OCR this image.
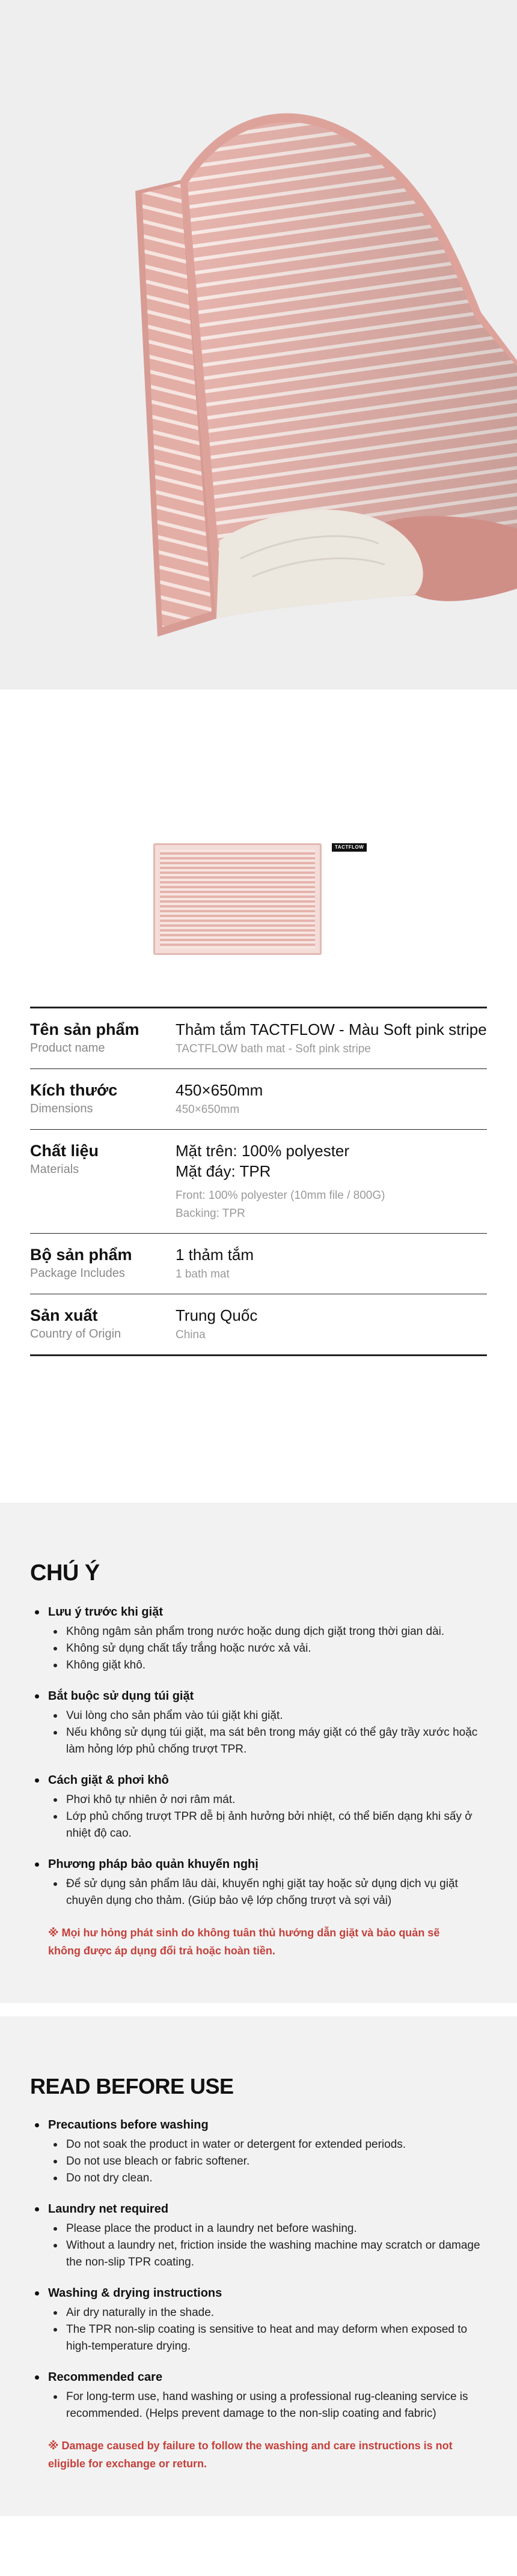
TACTFLOW
Tên sản phẩm
Product name
Thảm tắm TACTFLOW - Màu Soft pink stripe
TACTFLOW bath mat - Soft pink stripe
Kích thước
Dimensions
450×650mm
450×650mm
Chất liệu
Materials
Mặt trên: 100% polyester
Mặt đáy: TPR
Front: 100% polyester (10mm file / 800G)
Backing: TPR
Bộ sản phẩm
Package Includes
1 thảm tắm
1 bath mat
Sản xuất
Country of Origin
Trung Quốc
China
CHÚ Ý
Lưu ý trước khi giặt
Không ngâm sản phẩm trong nước hoặc dung dịch giặt trong thời gian dài.
Không sử dụng chất tẩy trắng hoặc nước xả vải.
Không giặt khô.
Bắt buộc sử dụng túi giặt
Vui lòng cho sản phẩm vào túi giặt khi giặt.
Nếu không sử dụng túi giặt, ma sát bên trong máy giặt có thể gây trầy xước hoặc làm hỏng lớp phủ chống trượt TPR.
Cách giặt & phơi khô
Phơi khô tự nhiên ở nơi râm mát.
Lớp phủ chống trượt TPR dễ bị ảnh hưởng bởi nhiệt, có thể biến dạng khi sấy ở nhiệt độ cao.
Phương pháp bảo quản khuyến nghị
Để sử dụng sản phẩm lâu dài, khuyến nghị giặt tay hoặc sử dụng dịch vụ giặt chuyên dụng cho thảm. (Giúp bảo vệ lớp chống trượt và sợi vải)
※ Mọi hư hỏng phát sinh do không tuân thủ hướng dẫn giặt và bảo quản sẽ không được áp dụng đổi trả hoặc hoàn tiền.
READ BEFORE USE
Precautions before washing
Do not soak the product in water or detergent for extended periods.
Do not use bleach or fabric softener.
Do not dry clean.
Laundry net required
Please place the product in a laundry net before washing.
Without a laundry net, friction inside the washing machine may scratch or damage the non-slip TPR coating.
Washing & drying instructions
Air dry naturally in the shade.
The TPR non-slip coating is sensitive to heat and may deform when exposed to high-temperature drying.
Recommended care
For long-term use, hand washing or using a professional rug-cleaning service is recommended. (Helps prevent damage to the non-slip coating and fabric)
※ Damage caused by failure to follow the washing and care instructions is not eligible for exchange or return.
